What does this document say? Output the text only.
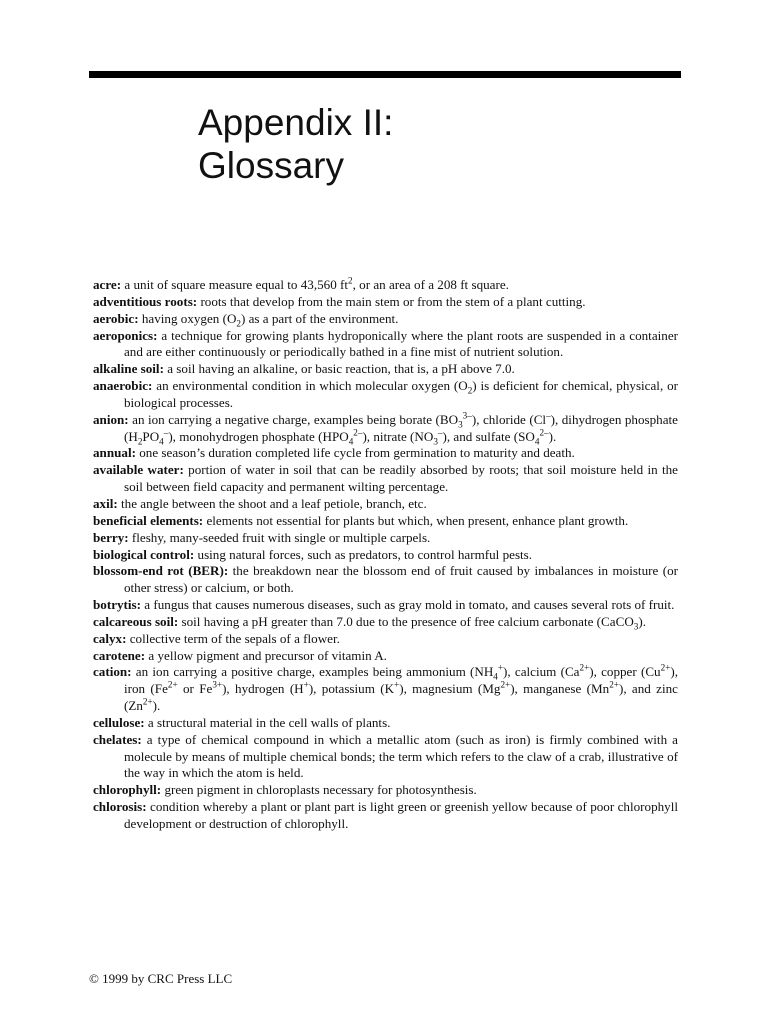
Appendix II:
Glossary
acre: a unit of square measure equal to 43,560 $ft^2$, or an area of a 208 ft square.
adventitious roots: roots that develop from the main stem or from the stem of a plant cutting.
aerobic: having oxygen $(O_2)$ as a part of the environment.
aeroponics: a technique for growing plants hydroponically where the plant roots are suspended in a container and are either continuously or periodically bathed in a fine mist of nutrient solution.
alkaline soil: a soil having an alkaline, or basic reaction, that is, a pH above 7.0.
anaerobic: an environmental condition in which molecular oxygen $(O_2)$ is deficient for chemical, physical, or biological processes.
anion: an ion carrying a negative charge, examples being borate $(BO_3^{3-})$, chloride (Cl–), dihydrogen phosphate $(H_2PO_4^-)$, monohydrogen phosphate $(HPO_4^{2-})$, nitrate $(NO_3^-)$, and sulfate $(SO_4^{2-})$.
annual: one season’s duration completed life cycle from germination to maturity and death.
available water: portion of water in soil that can be readily absorbed by roots; that soil moisture held in the soil between field capacity and permanent wilting percentage.
axil: the angle between the shoot and a leaf petiole, branch, etc.
beneficial elements: elements not essential for plants but which, when present, enhance plant growth.
berry: fleshy, many-seeded fruit with single or multiple carpels.
biological control: using natural forces, such as predators, to control harmful pests.
blossom-end rot (BER): the breakdown near the blossom end of fruit caused by imbalances in moisture (or other stress) or calcium, or both.
botrytis: a fungus that causes numerous diseases, such as gray mold in tomato, and causes several rots of fruit.
calcareous soil: soil having a pH greater than 7.0 due to the presence of free calcium carbonate (CaCO$_3$).
calyx: collective term of the sepals of a flower.
carotene: a yellow pigment and precursor of vitamin A.
cation: an ion carrying a positive charge, examples being ammonium $(NH_4^+)$, calcium $(Ca^{2+})$, copper $(Cu^{2+})$, iron ($Fe^{2+}$ or $Fe^{3+}$), hydrogen (H+), potassium (K+), magnesium $(Mg^{2+})$, manganese $(Mn^{2+})$, and zinc $(Zn^{2+})$.
cellulose: a structural material in the cell walls of plants.
chelates: a type of chemical compound in which a metallic atom (such as iron) is firmly combined with a molecule by means of multiple chemical bonds; the term which refers to the claw of a crab, illustrative of the way in which the atom is held.
chlorophyll: green pigment in chloroplasts necessary for photosynthesis.
chlorosis: condition whereby a plant or plant part is light green or greenish yellow because of poor chlorophyll development or destruction of chlorophyll.
© 1999 by CRC Press LLC
